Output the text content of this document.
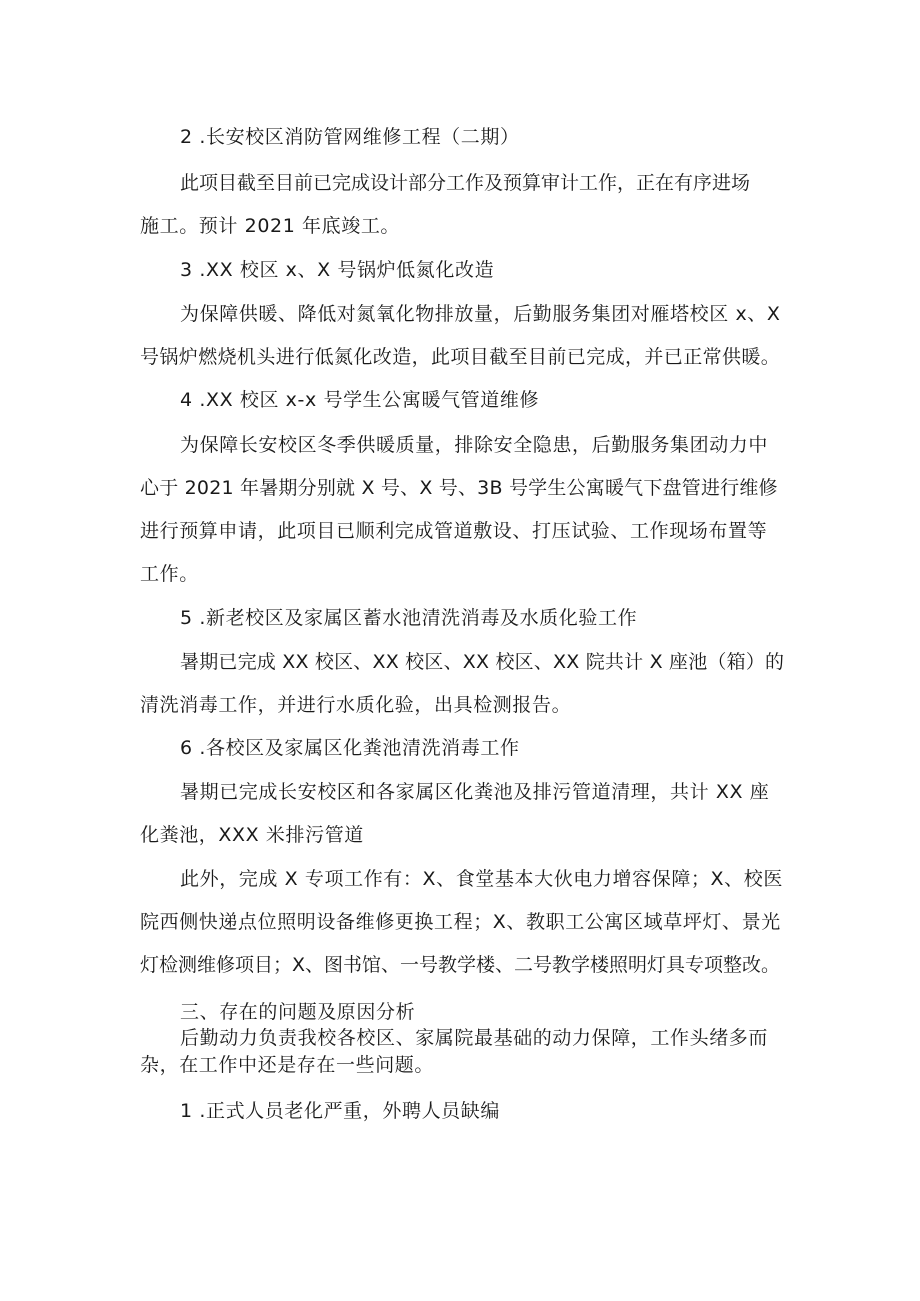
2 .长安校区消防管网维修工程（二期）
此项目截至目前已完成设计部分工作及预算审计工作，正在有序进场
施工。预计 2021 年底竣工。
3 .XX 校区 x、X 号锅炉低氮化改造
为保障供暖、降低对氮氧化物排放量，后勤服务集团对雁塔校区 x、X
号锅炉燃烧机头进行低氮化改造，此项目截至目前已完成，并已正常供暖。
4 .XX 校区 x-x 号学生公寓暖气管道维修
为保障长安校区冬季供暖质量，排除安全隐患，后勤服务集团动力中
心于 2021 年暑期分别就 X 号、X 号、3B 号学生公寓暖气下盘管进行维修
进行预算申请，此项目已顺利完成管道敷设、打压试验、工作现场布置等
工作。
5 .新老校区及家属区蓄水池清洗消毒及水质化验工作
暑期已完成 XX 校区、XX 校区、XX 校区、XX 院共计 X 座池（箱）的
清洗消毒工作，并进行水质化验，出具检测报告。
6 .各校区及家属区化粪池清洗消毒工作
暑期已完成长安校区和各家属区化粪池及排污管道清理，共计 XX 座
化粪池，XXX 米排污管道
此外，完成 X 专项工作有：X、食堂基本大伙电力增容保障；X、校医
院西侧快递点位照明设备维修更换工程；X、教职工公寓区域草坪灯、景光
灯检测维修项目；X、图书馆、一号教学楼、二号教学楼照明灯具专项整改。
三、存在的问题及原因分析
后勤动力负责我校各校区、家属院最基础的动力保障，工作头绪多而
杂，在工作中还是存在一些问题。
1 .正式人员老化严重，外聘人员缺编
